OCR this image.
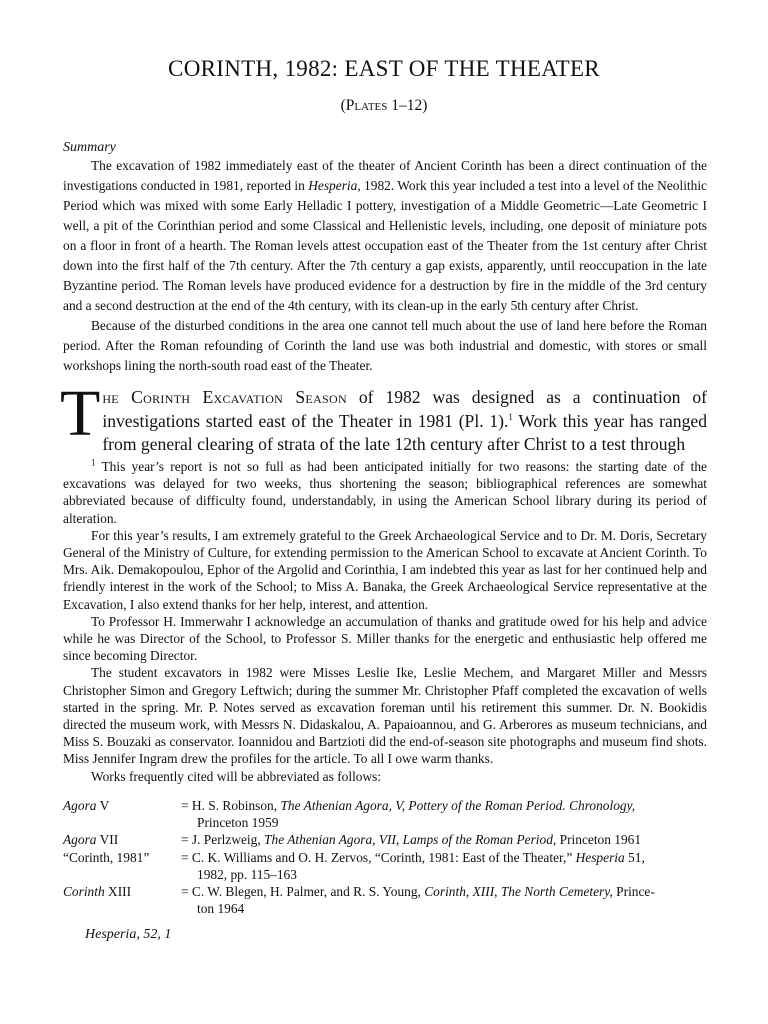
CORINTH, 1982: EAST OF THE THEATER
(Plates 1–12)
Summary

The excavation of 1982 immediately east of the theater of Ancient Corinth has been a direct continuation of the investigations conducted in 1981, reported in Hesperia, 1982. Work this year included a test into a level of the Neolithic Period which was mixed with some Early Helladic I pottery, investigation of a Middle Geometric—Late Geometric I well, a pit of the Corinthian period and some Classical and Hellenistic levels, including, one deposit of miniature pots on a floor in front of a hearth. The Roman levels attest occupation east of the Theater from the 1st century after Christ down into the first half of the 7th century. After the 7th century a gap exists, apparently, until reoccupation in the late Byzantine period. The Roman levels have produced evidence for a destruction by fire in the middle of the 3rd century and a second destruction at the end of the 4th century, with its clean-up in the early 5th century after Christ.

Because of the disturbed conditions in the area one cannot tell much about the use of land here before the Roman period. After the Roman refounding of Corinth the land use was both industrial and domestic, with stores or small workshops lining the north-south road east of the Theater.

The Corinth Excavation Season of 1982 was designed as a continuation of investigations started east of the Theater in 1981 (Pl. 1).$^1$ Work this year has ranged from general clearing of strata of the late 12th century after Christ to a test through

$^1$ This year’s report is not so full as had been anticipated initially for two reasons: the starting date of the excavations was delayed for two weeks, thus shortening the season; bibliographical references are somewhat abbreviated because of difficulty found, understandably, in using the American School library during its period of alteration.

For this year’s results, I am extremely grateful to the Greek Archaeological Service and to Dr. M. Doris, Secretary General of the Ministry of Culture, for extending permission to the American School to excavate at Ancient Corinth. To Mrs. Aik. Demakopoulou, Ephor of the Argolid and Corinthia, I am indebted this year as last for her continued help and friendly interest in the work of the School; to Miss A. Banaka, the Greek Archaeological Service representative at the Excavation, I also extend thanks for her help, interest, and attention.

To Professor H. Immerwahr I acknowledge an accumulation of thanks and gratitude owed for his help and advice while he was Director of the School, to Professor S. Miller thanks for the energetic and enthusiastic help offered me since becoming Director.

The student excavators in 1982 were Misses Leslie Ike, Leslie Mechem, and Margaret Miller and Messrs Christopher Simon and Gregory Leftwich; during the summer Mr. Christopher Pfaff completed the excavation of wells started in the spring. Mr. P. Notes served as excavation foreman until his retirement this summer. Dr. N. Bookidis directed the museum work, with Messrs N. Didaskalou, A. Papaioannou, and G. Arberores as museum technicians, and Miss S. Bouzaki as conservator. Ioannidou and Bartzioti did the end-of-season site photographs and museum find shots. Miss Jennifer Ingram drew the profiles for the article. To all I owe warm thanks.

Works frequently cited will be abbreviated as follows:

Agora V	= H. S. Robinson, The Athenian Agora, V, Pottery of the Roman Period. Chronology,
Princeton 1959
Agora VII	= J. Perlzweig, The Athenian Agora, VII, Lamps of the Roman Period, Princeton 1961
“Corinth, 1981”	= C. K. Williams and O. H. Zervos, “Corinth, 1981: East of the Theater,” Hesperia 51,
1982, pp. 115–163
Corinth XIII	= C. W. Blegen, H. Palmer, and R. S. Young, Corinth, XIII, The North Cemetery, Prince-
ton 1964
Hesperia, 52, 1
